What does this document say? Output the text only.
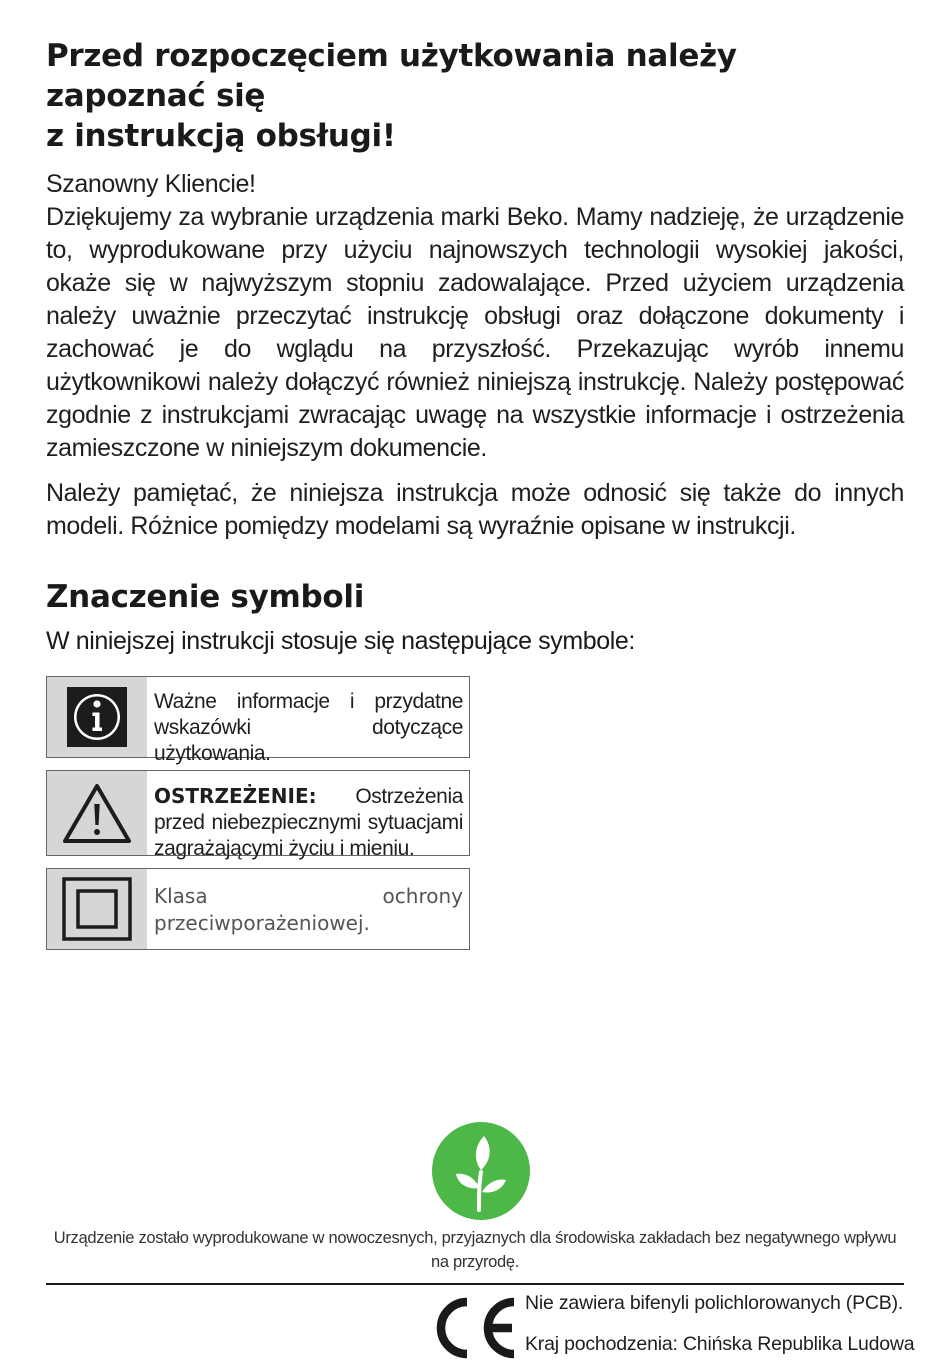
Przed rozpoczęciem użytkowania należy zapoznać się
z instrukcją obsługi!

Szanowny Kliencie!

Dziękujemy za wybranie urządzenia marki Beko. Mamy nadzieję, że urządzenie to, wyprodukowane przy użyciu najnowszych technologii wysokiej jakości, okaże się w najwyższym stopniu zadowalające. Przed użyciem urządzenia należy uważnie przeczytać instrukcję obsługi oraz dołączone dokumenty i zachować je do wglądu na przyszłość. Przekazując wyrób innemu użytkownikowi należy dołączyć również niniejszą instrukcję. Należy postępować zgodnie z instrukcjami zwracając uwagę na wszystkie informacje i ostrzeżenia zamieszczone w niniejszym dokumencie.

Należy pamiętać, że niniejsza instrukcja może odnosić się także do innych modeli. Różnice pomiędzy modelami są wyraźnie opisane w instrukcji.

Znaczenie symboli

W niniejszej instrukcji stosuje się następujące symbole:

Ważne informacje i przydatne wskazówki dotyczące użytkowania.
OSTRZEŻENIE: Ostrzeżenia przed niebezpiecznymi sytuacjami zagrażającymi życiu i mieniu.
Klasa ochrony przeciwporażeniowej.
Urządzenie zostało wyprodukowane w nowoczesnych, przyjaznych dla środowiska zakładach bez negatywnego wpływu na przyrodę.
Nie zawiera bifenyli polichlorowanych (PCB).
Kraj pochodzenia: Chińska Republika Ludowa
